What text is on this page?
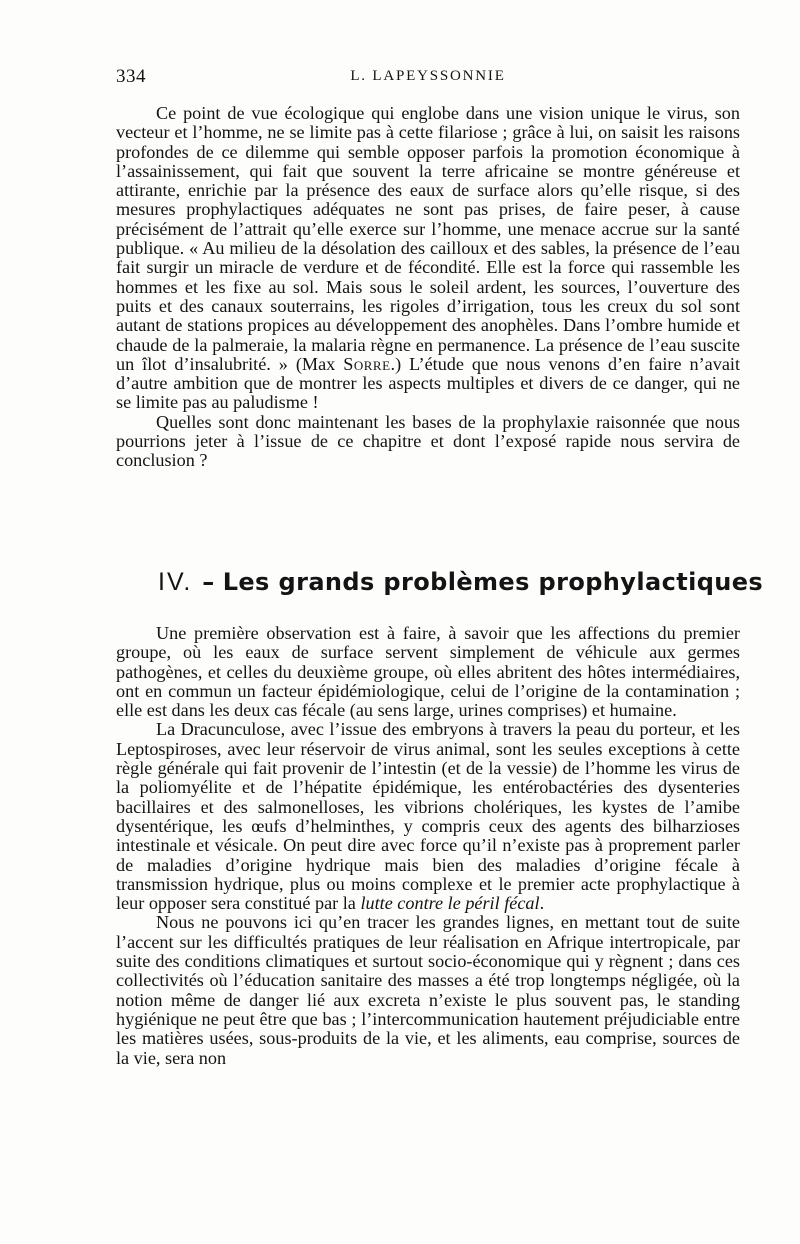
334	L. LAPEYSSONNIE

Ce point de vue écologique qui englobe dans une vision unique le virus, son vecteur et l’homme, ne se limite pas à cette filariose ; grâce à lui, on saisit les raisons profondes de ce dilemme qui semble opposer parfois la promotion économique à l’assainissement, qui fait que souvent la terre africaine se montre généreuse et attirante, enrichie par la présence des eaux de surface alors qu’elle risque, si des mesures prophylactiques adéquates ne sont pas prises, de faire peser, à cause précisément de l’attrait qu’elle exerce sur l’homme, une menace accrue sur la santé publique. « Au milieu de la désolation des cailloux et des sables, la présence de l’eau fait surgir un miracle de verdure et de fécondité. Elle est la force qui rassemble les hommes et les fixe au sol. Mais sous le soleil ardent, les sources, l’ouverture des puits et des canaux souterrains, les rigoles d’irrigation, tous les creux du sol sont autant de stations propices au développement des anophèles. Dans l’ombre humide et chaude de la palmeraie, la malaria règne en permanence. La présence de l’eau suscite un îlot d’insalubrité. » (Max Sorre.) L’étude que nous venons d’en faire n’avait d’autre ambition que de montrer les aspects multiples et divers de ce danger, qui ne se limite pas au paludisme !

Quelles sont donc maintenant les bases de la prophylaxie raisonnée que nous pourrions jeter à l’issue de ce chapitre et dont l’exposé rapide nous servira de conclusion ?

IV. – Les grands problèmes prophylactiques

Une première observation est à faire, à savoir que les affections du premier groupe, où les eaux de surface servent simplement de véhicule aux germes pathogènes, et celles du deuxième groupe, où elles abritent des hôtes intermédiaires, ont en commun un facteur épidémiologique, celui de l’origine de la contamination ; elle est dans les deux cas fécale (au sens large, urines comprises) et humaine.

La Dracunculose, avec l’issue des embryons à travers la peau du porteur, et les Leptospiroses, avec leur réservoir de virus animal, sont les seules exceptions à cette règle générale qui fait provenir de l’intestin (et de la vessie) de l’homme les virus de la poliomyélite et de l’hépatite épidémique, les entérobactéries des dysenteries bacillaires et des salmonelloses, les vibrions cholériques, les kystes de l’amibe dysentérique, les œufs d’helminthes, y compris ceux des agents des bilharzioses intestinale et vésicale. On peut dire avec force qu’il n’existe pas à proprement parler de maladies d’origine hydrique mais bien des maladies d’origine fécale à transmission hydrique, plus ou moins complexe et le premier acte prophylactique à leur opposer sera constitué par la lutte contre le péril fécal.

Nous ne pouvons ici qu’en tracer les grandes lignes, en mettant tout de suite l’accent sur les difficultés pratiques de leur réalisation en Afrique intertropicale, par suite des conditions climatiques et surtout socio-économique qui y règnent ; dans ces collectivités où l’éducation sanitaire des masses a été trop longtemps négligée, où la notion même de danger lié aux excreta n’existe le plus souvent pas, le standing hygiénique ne peut être que bas ; l’intercommunication hautement préjudiciable entre les matières usées, sous-produits de la vie, et les aliments, eau comprise, sources de la vie, sera non
